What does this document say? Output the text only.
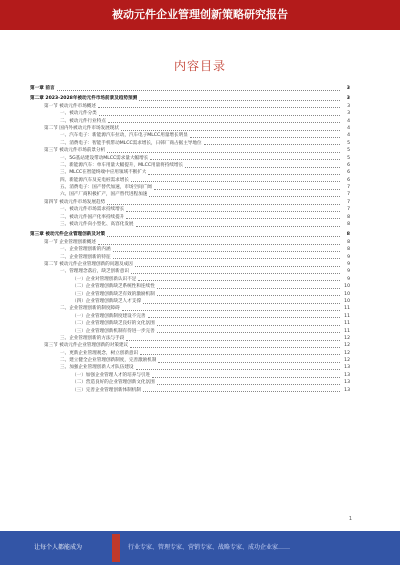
被动元件企业管理创新策略研究报告
内容目录
第一章 前言	3
第二章 2023-2028年被动元件市场前景及趋势预测	3
第一节 被动元件市场概述	3
一、被动元件分类	3
二、被动元件行业特点	4
第二节 国内外被动元件市场发展现状	4
一、汽车电子：新能源汽车拉动，汽车电子MLCC用量增长明显	4
二、消费电子：智能手机带动MLCC需求增长，日韩厂商占据主导地位	5
第三节 被动元件市场前景分析	5
一、5G基站建设带动MLCC需求量大幅增长	5
二、新能源汽车：单车用量大幅提升，MLCC用量将持续增长	6
三、MLCC在智能终端中应用领域不断扩大	6
四、新能源汽车及充电桩需求增长	6
五、消费电子：国产替代加速，市场空间广阔	7
六、国产厂商积极扩产，国产替代进程加速	7
第四节 被动元件市场发展趋势	7
一、被动元件市场需求持续增长	7
二、被动元件国产化率持续提升	8
三、被动元件向小型化、高容化发展	8
第三章 被动元件企业管理创新及对策	8
第一节 企业管理创新概述	8
一、企业管理创新的内涵	8
二、企业管理创新的特征	9
第二节 被动元件企业管理创新的问题及成因	9
一、管理理念落后，缺乏创新意识	9
（一）企业对管理创新认识不足	9
（二）企业管理创新缺乏系统性和连续性	10
（三）企业管理创新缺乏有效的激励机制	10
（四）企业管理创新缺乏人才支撑	10
二、企业管理创新的制度障碍	11
（一）企业管理创新制度建设不完善	11
（二）企业管理创新缺乏良好的文化氛围	11
（三）企业管理创新机制有待进一步完善	11
三、企业管理创新的方法与手段	12
第三节 被动元件企业管理创新的对策建议	12
一、更新企业管理观念，树立创新意识	12
二、建立健全企业管理创新制度，完善激励机制	12
三、加强企业管理创新人才队伍建设	13
（一）加强企业管理人才的培养与引进	13
（二）营造良好的企业管理创新文化氛围	13
（三）完善企业管理创新体制机制	13
1
让每个人都能成为	行业专家、管理专家、营销专家、战略专家、成功企业家……
